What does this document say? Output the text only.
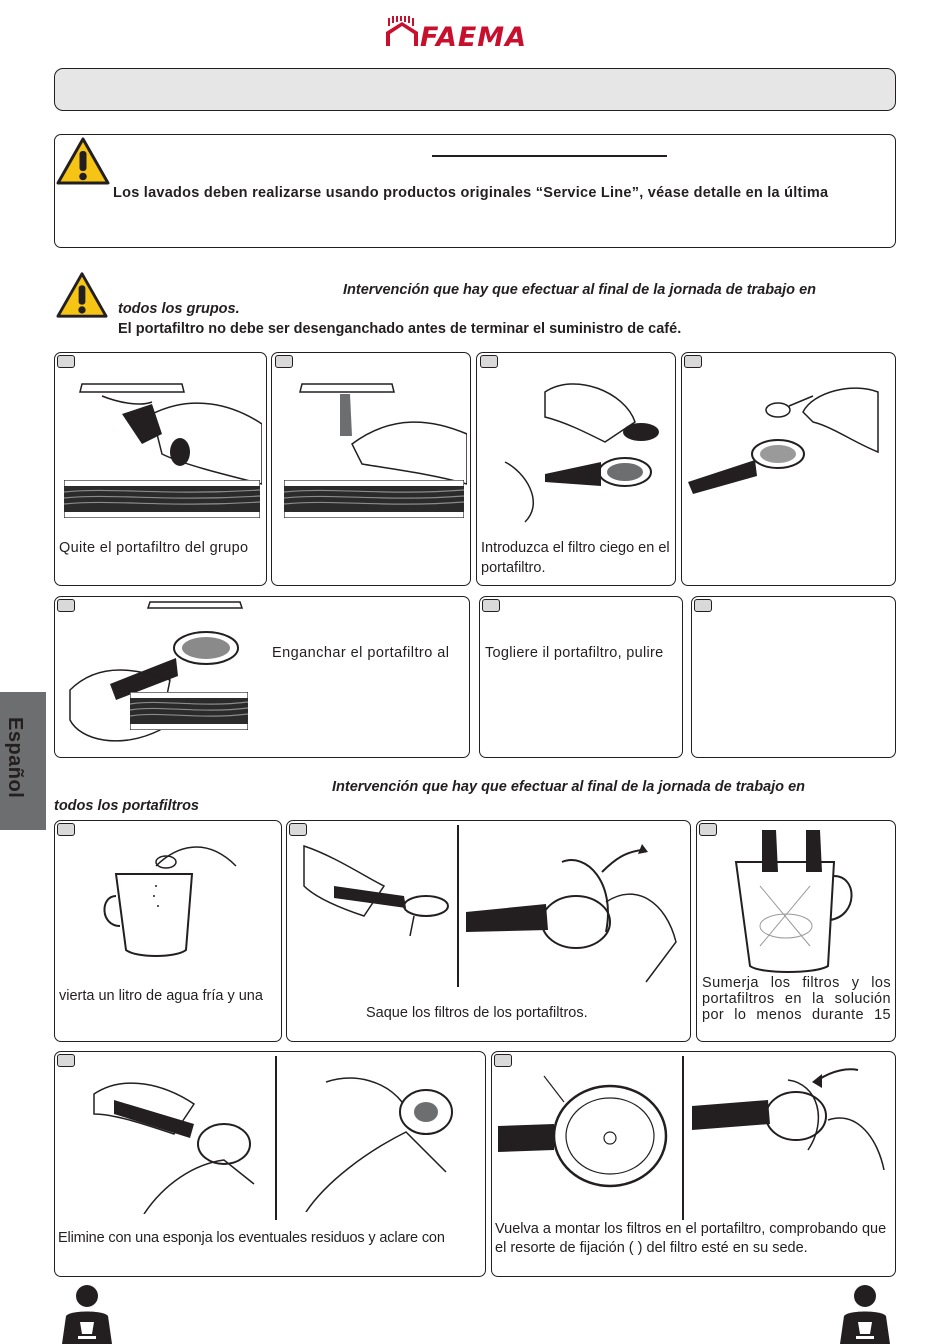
FAEMA
Los lavados deben realizarse usando productos originales “Service Line”, véase detalle en la última
Intervención que hay que efectuar al final de la jornada de trabajo en
todos los grupos.
El portafiltro no debe ser desenganchado antes de terminar el suministro de café.
Quite el portafiltro del grupo	Introduzca el filtro ciego en el portafiltro.
Enganchar el portafiltro al	Togliere il portafiltro, pulire
Español	Intervención que hay que efectuar al final de la jornada de trabajo en
todos los portafiltros
vierta un litro de agua fría y una
Saque los filtros de los portafiltros.
Sumerja los filtros y los portafiltros en la solución por lo menos durante 15
Elimine con una esponja los eventuales residuos y aclare con
Vuelva a montar los filtros en el portafiltro, comprobando que el resorte de fijación ( ) del filtro esté en su sede.
